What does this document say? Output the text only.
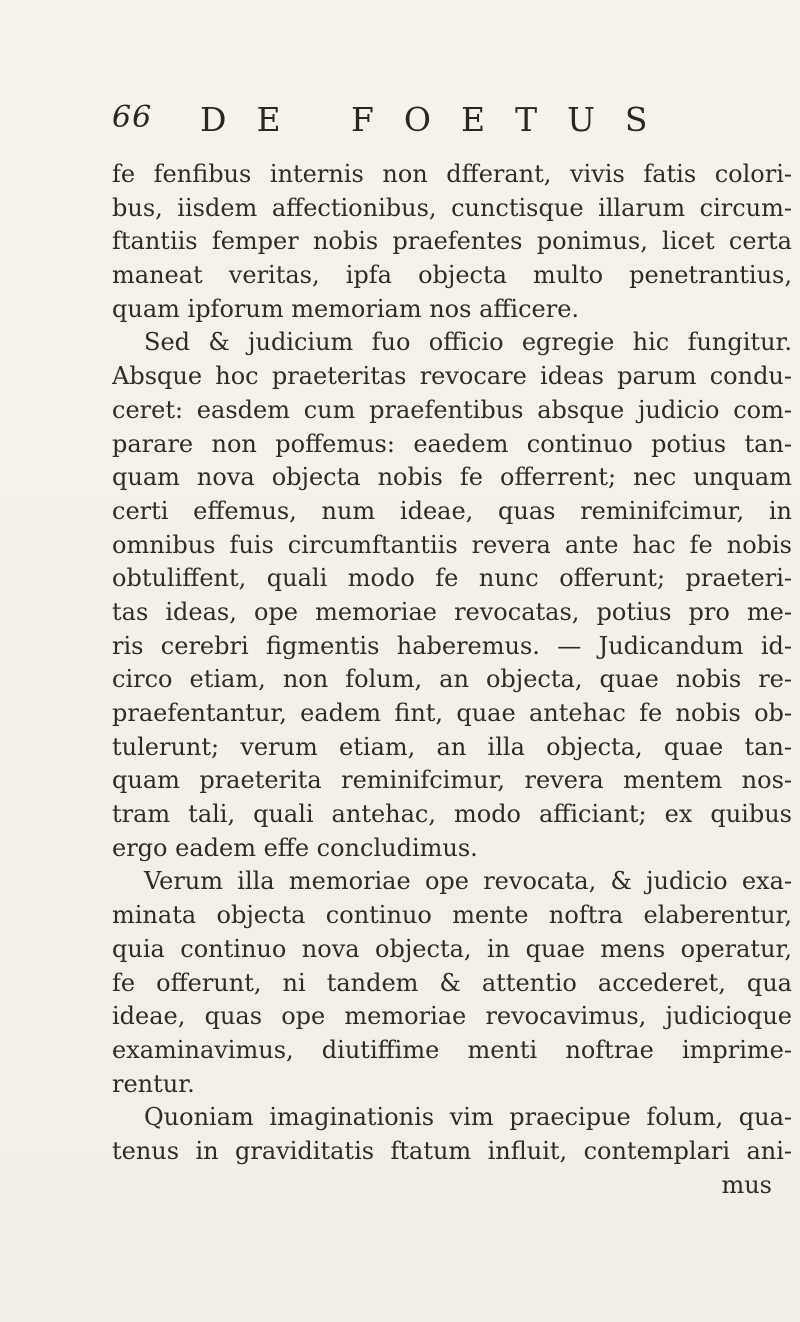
66 DE FOETUS
fe fenfibus internis non dfferant, vivis fatis colori-
bus, iisdem affectionibus, cunctisque illarum circum-
ftantiis femper nobis praefentes ponimus, licet certa
maneat veritas, ipfa objecta multo penetrantius,
quam ipforum memoriam nos afficere.
Sed & judicium fuo officio egregie hic fungitur.
Absque hoc praeteritas revocare ideas parum condu-
ceret: easdem cum praefentibus absque judicio com-
parare non poffemus: eaedem continuo potius tan-
quam nova objecta nobis fe offerrent; nec unquam
certi effemus, num ideae, quas reminifcimur, in
omnibus fuis circumftantiis revera ante hac fe nobis
obtuliffent, quali modo fe nunc offerunt; praeteri-
tas ideas, ope memoriae revocatas, potius pro me-
ris cerebri figmentis haberemus. — Judicandum id-
circo etiam, non folum, an objecta, quae nobis re-
praefentantur, eadem fint, quae antehac fe nobis ob-
tulerunt; verum etiam, an illa objecta, quae tan-
quam praeterita reminifcimur, revera mentem nos-
tram tali, quali antehac, modo afficiant; ex quibus
ergo eadem effe concludimus.
Verum illa memoriae ope revocata, & judicio exa-
minata objecta continuo mente noftra elaberentur,
quia continuo nova objecta, in quae mens operatur,
fe offerunt, ni tandem & attentio accederet, qua
ideae, quas ope memoriae revocavimus, judicioque
examinavimus, diutiffime menti noftrae imprime-
rentur.
Quoniam imaginationis vim praecipue folum, qua-
tenus in graviditatis ftatum influit, contemplari ani-
mus
